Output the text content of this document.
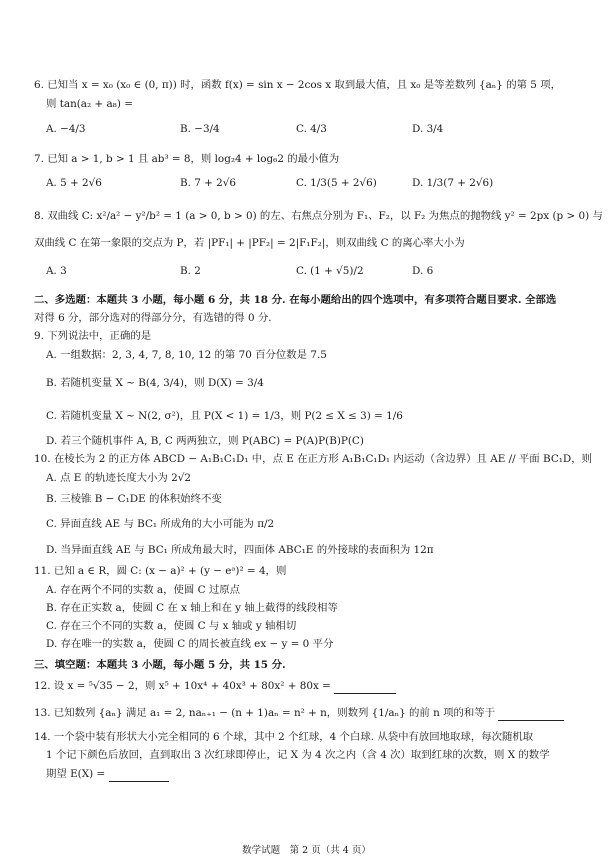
6. 已知当 x = x₀ (x₀ ∈ (0, π)) 时，函数 f(x) = sin x − 2cos x 取到最大值，且 x₀ 是等差数列 {aₙ} 的第 5 项，
则 tan(a₂ + a₈) =
A. −4/3	B. −3/4	C. 4/3	D. 3/4
7. 已知 a > 1, b > 1 且 ab³ = 8，则 log₂4 + log₆2 的最小值为
A. 5 + 2√6	B. 7 + 2√6	C. 1/3(5 + 2√6)	D. 1/3(7 + 2√6)
8. 双曲线 C: x²/a² − y²/b² = 1 (a > 0, b > 0) 的左、右焦点分别为 F₁、F₂，以 F₂ 为焦点的抛物线 y² = 2px (p > 0) 与
双曲线 C 在第一象限的交点为 P，若 |PF₁| + |PF₂| = 2|F₁F₂|，则双曲线 C 的离心率大小为
A. 3	B. 2	C. (1 + √5)/2	D. 6
二、多选题：本题共 3 小题，每小题 6 分，共 18 分. 在每小题给出的四个选项中，有多项符合题目要求. 全部选
对得 6 分，部分选对的得部分分，有选错的得 0 分.
9. 下列说法中，正确的是
A. 一组数据：2, 3, 4, 7, 8, 10, 12 的第 70 百分位数是 7.5
B. 若随机变量 X ~ B(4, 3/4)，则 D(X) = 3/4
C. 若随机变量 X ~ N(2, σ²)，且 P(X < 1) = 1/3，则 P(2 ≤ X ≤ 3) = 1/6
D. 若三个随机事件 A, B, C 两两独立，则 P(ABC) = P(A)P(B)P(C)
10. 在棱长为 2 的正方体 ABCD − A₁B₁C₁D₁ 中，点 E 在正方形 A₁B₁C₁D₁ 内运动（含边界）且 AE // 平面 BC₁D，则
A. 点 E 的轨迹长度大小为 2√2
B. 三棱锥 B − C₁DE 的体积始终不变
C. 异面直线 AE 与 BC₁ 所成角的大小可能为 π/2
D. 当异面直线 AE 与 BC₁ 所成角最大时，四面体 ABC₁E 的外接球的表面积为 12π
11. 已知 a ∈ R，圆 C: (x − a)² + (y − eᵃ)² = 4，则
A. 存在两个不同的实数 a，使圆 C 过原点
B. 存在正实数 a，使圆 C 在 x 轴上和在 y 轴上截得的线段相等
C. 存在三个不同的实数 a，使圆 C 与 x 轴或 y 轴相切
D. 存在唯一的实数 a，使圆 C 的周长被直线 ex − y = 0 平分
三、填空题：本题共 3 小题，每小题 5 分，共 15 分.
12. 设 x = ⁵√35 − 2，则 x⁵ + 10x⁴ + 40x³ + 80x² + 80x =
13. 已知数列 {aₙ} 满足 a₁ = 2, naₙ₊₁ − (n + 1)aₙ = n² + n，则数列 {1/aₙ} 的前 n 项的和等于
14. 一个袋中装有形状大小完全相同的 6 个球，其中 2 个红球，4 个白球. 从袋中有放回地取球，每次随机取
1 个记下颜色后放回，直到取出 3 次红球即停止，记 X 为 4 次之内（含 4 次）取到红球的次数，则 X 的数学
期望 E(X) =
数学试题　第 2 页（共 4 页）
